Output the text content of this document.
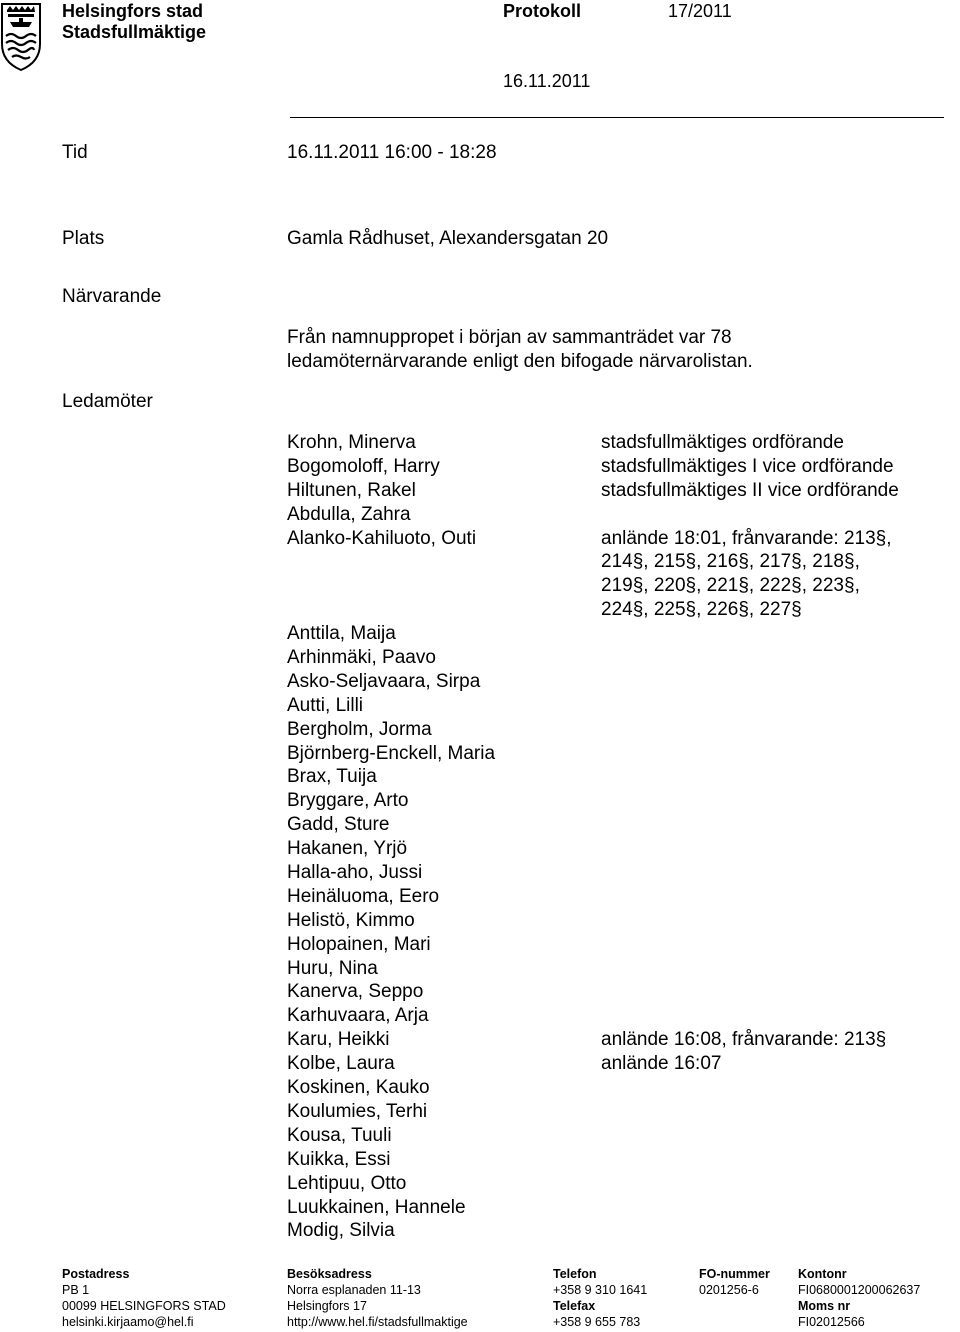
Helsingfors stad
Stadsfullmäktige
Protokoll	17/2011
16.11.2011
Tid	16.11.2011 16:00 - 18:28
Plats	Gamla Rådhuset, Alexandersgatan 20
Närvarande
Från namnuppropet i början av sammanträdet var 78
ledamöternärvarande enligt den bifogade närvarolistan.
Ledamöter
Krohn, Minerva	stadsfullmäktiges ordförande
Bogomoloff, Harry	stadsfullmäktiges I vice ordförande
Hiltunen, Rakel	stadsfullmäktiges II vice ordförande
Abdulla, Zahra
Alanko-Kahiluoto, Outi	anlände 18:01, frånvarande: 213§,
214§, 215§, 216§, 217§, 218§,
219§, 220§, 221§, 222§, 223§,
224§, 225§, 226§, 227§
Anttila, Maija
Arhinmäki, Paavo
Asko-Seljavaara, Sirpa
Autti, Lilli
Bergholm, Jorma
Björnberg-Enckell, Maria
Brax, Tuija
Bryggare, Arto
Gadd, Sture
Hakanen, Yrjö
Halla-aho, Jussi
Heinäluoma, Eero
Helistö, Kimmo
Holopainen, Mari
Huru, Nina
Kanerva, Seppo
Karhuvaara, Arja
Karu, Heikki	anlände 16:08, frånvarande: 213§
Kolbe, Laura	anlände 16:07
Koskinen, Kauko
Koulumies, Terhi
Kousa, Tuuli
Kuikka, Essi
Lehtipuu, Otto
Luukkainen, Hannele
Modig, Silvia
Postadress
PB 1
00099 HELSINGFORS STAD
helsinki.kirjaamo@hel.fi
Besöksadress
Norra esplanaden 11-13
Helsingfors 17
http://www.hel.fi/stadsfullmaktige
Telefon
+358 9 310 1641
Telefax
+358 9 655 783
FO-nummer
0201256-6
Kontonr
FI0680001200062637
Moms nr
FI02012566
